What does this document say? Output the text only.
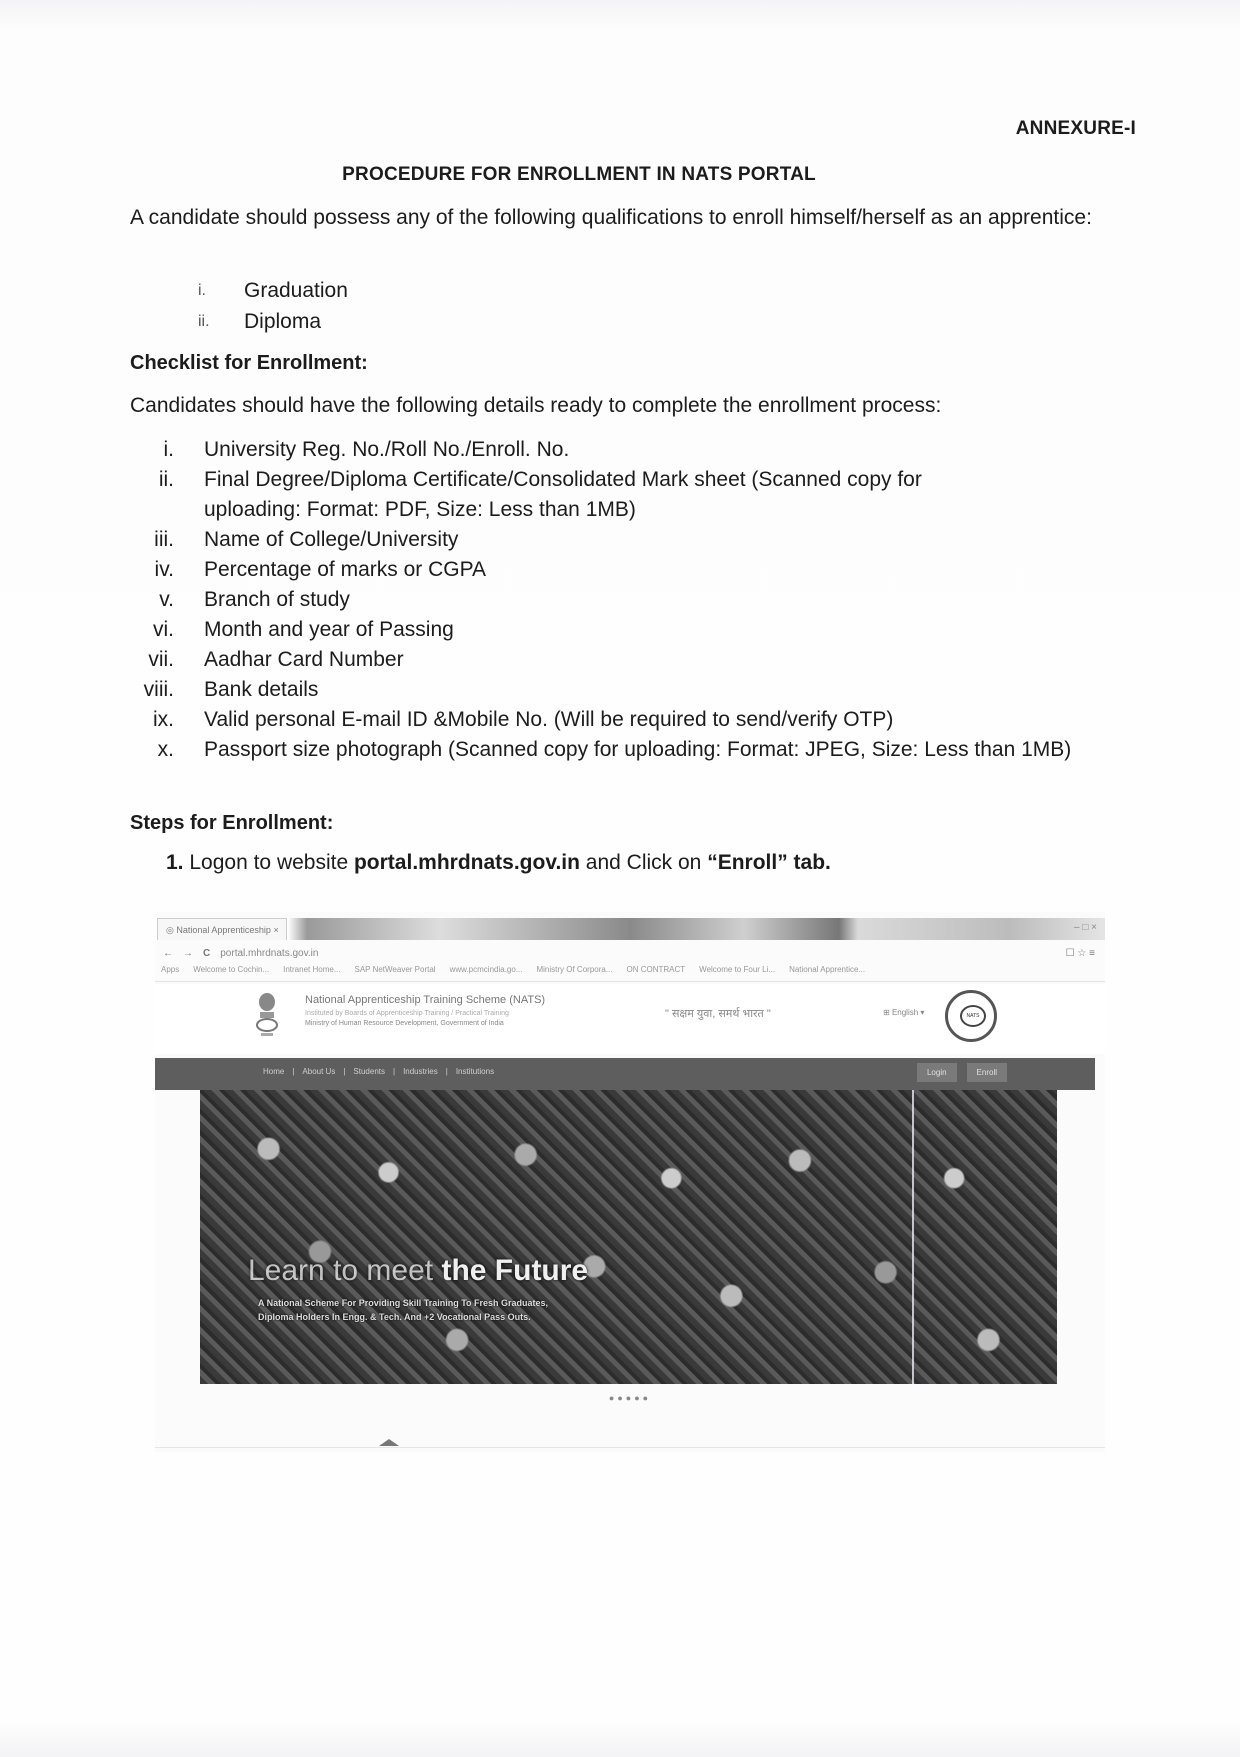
ANNEXURE-I
PROCEDURE FOR ENROLLMENT IN NATS PORTAL
A candidate should possess any of the following qualifications to enroll himself/herself as an apprentice:
i.	Graduation
ii.	Diploma
Checklist for Enrollment:
Candidates should have the following details ready to complete the enrollment process:
i.	University Reg. No./Roll No./Enroll. No.
ii.	Final Degree/Diploma Certificate/Consolidated Mark sheet (Scanned copy for uploading: Format: PDF, Size: Less than 1MB)
iii.	Name of College/University
iv.	Percentage of marks or CGPA
v.	Branch of study
vi.	Month and year of Passing
vii.	Aadhar Card Number
viii.	Bank details
ix.	Valid personal E-mail ID &Mobile No. (Will be required to send/verify OTP)
x.	Passport size photograph (Scanned copy for uploading: Format: JPEG, Size: Less than 1MB)
Steps for Enrollment:
1. Logon to website portal.mhrdnats.gov.in and Click on “Enroll” tab.
◎ National Apprenticeship ×	– □ ×
← → C portal.mhrdnats.gov.in	☐ ☆ ≡
Apps Welcome to Cochin... Intranet Home... SAP NetWeaver Portal www.pcmcindia.go... Ministry Of Corpora... ON CONTRACT Welcome to Four Li... National Apprentice...
National Apprenticeship Training Scheme (NATS)
Instituted by Boards of Apprenticeship Training / Practical Training
Ministry of Human Resource Development, Government of India
" सक्षम युवा, समर्थ भारत "	⊞ English ▾	NATS
Home | About Us | Students | Industries | Institutions	Login	Enroll
Learn to meet the Future
A National Scheme For Providing Skill Training To Fresh Graduates,
Diploma Holders In Engg. & Tech. And +2 Vocational Pass Outs.
●●●●●
